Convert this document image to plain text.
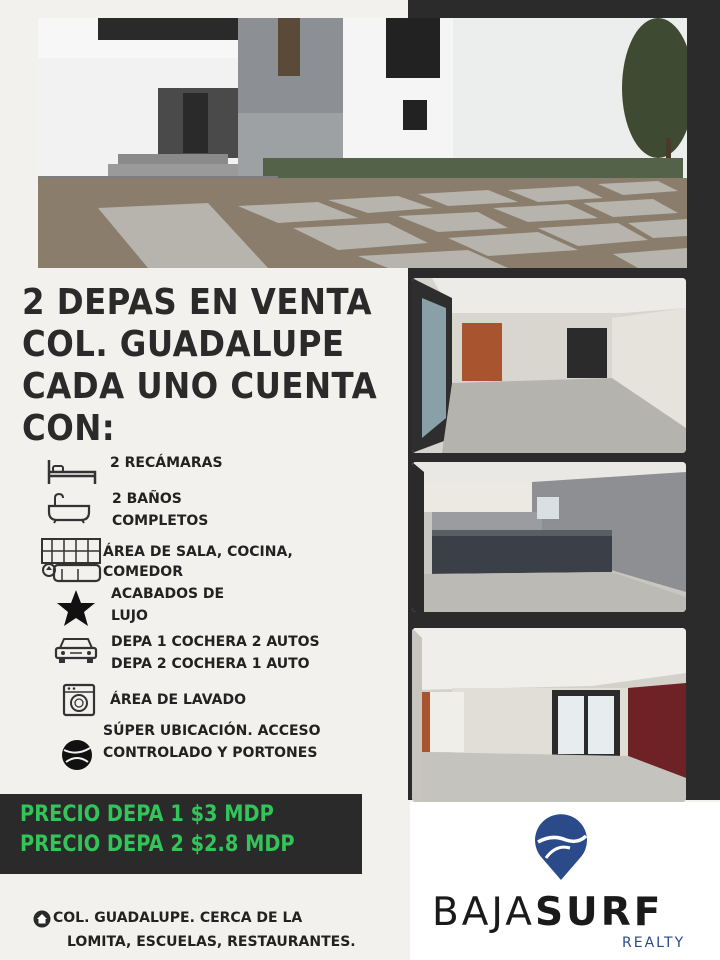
2 DEPAS EN VENTA
COL. GUADALUPE
CADA UNO CUENTA
CON:
2 RECÁMARAS
2 BAÑOS
COMPLETOS
ÁREA DE SALA, COCINA,
COMEDOR
ACABADOS DE
LUJO
DEPA 1 COCHERA 2 AUTOS
DEPA 2 COCHERA 1 AUTO
ÁREA DE LAVADO
SÚPER UBICACIÓN. ACCESO
CONTROLADO Y PORTONES
PRECIO DEPA 1 $3 MDP
PRECIO DEPA 2 $2.8 MDP
COL. GUADALUPE. CERCA DE LA
LOMITA, ESCUELAS, RESTAURANTES.
BAJASURF
REALTY
